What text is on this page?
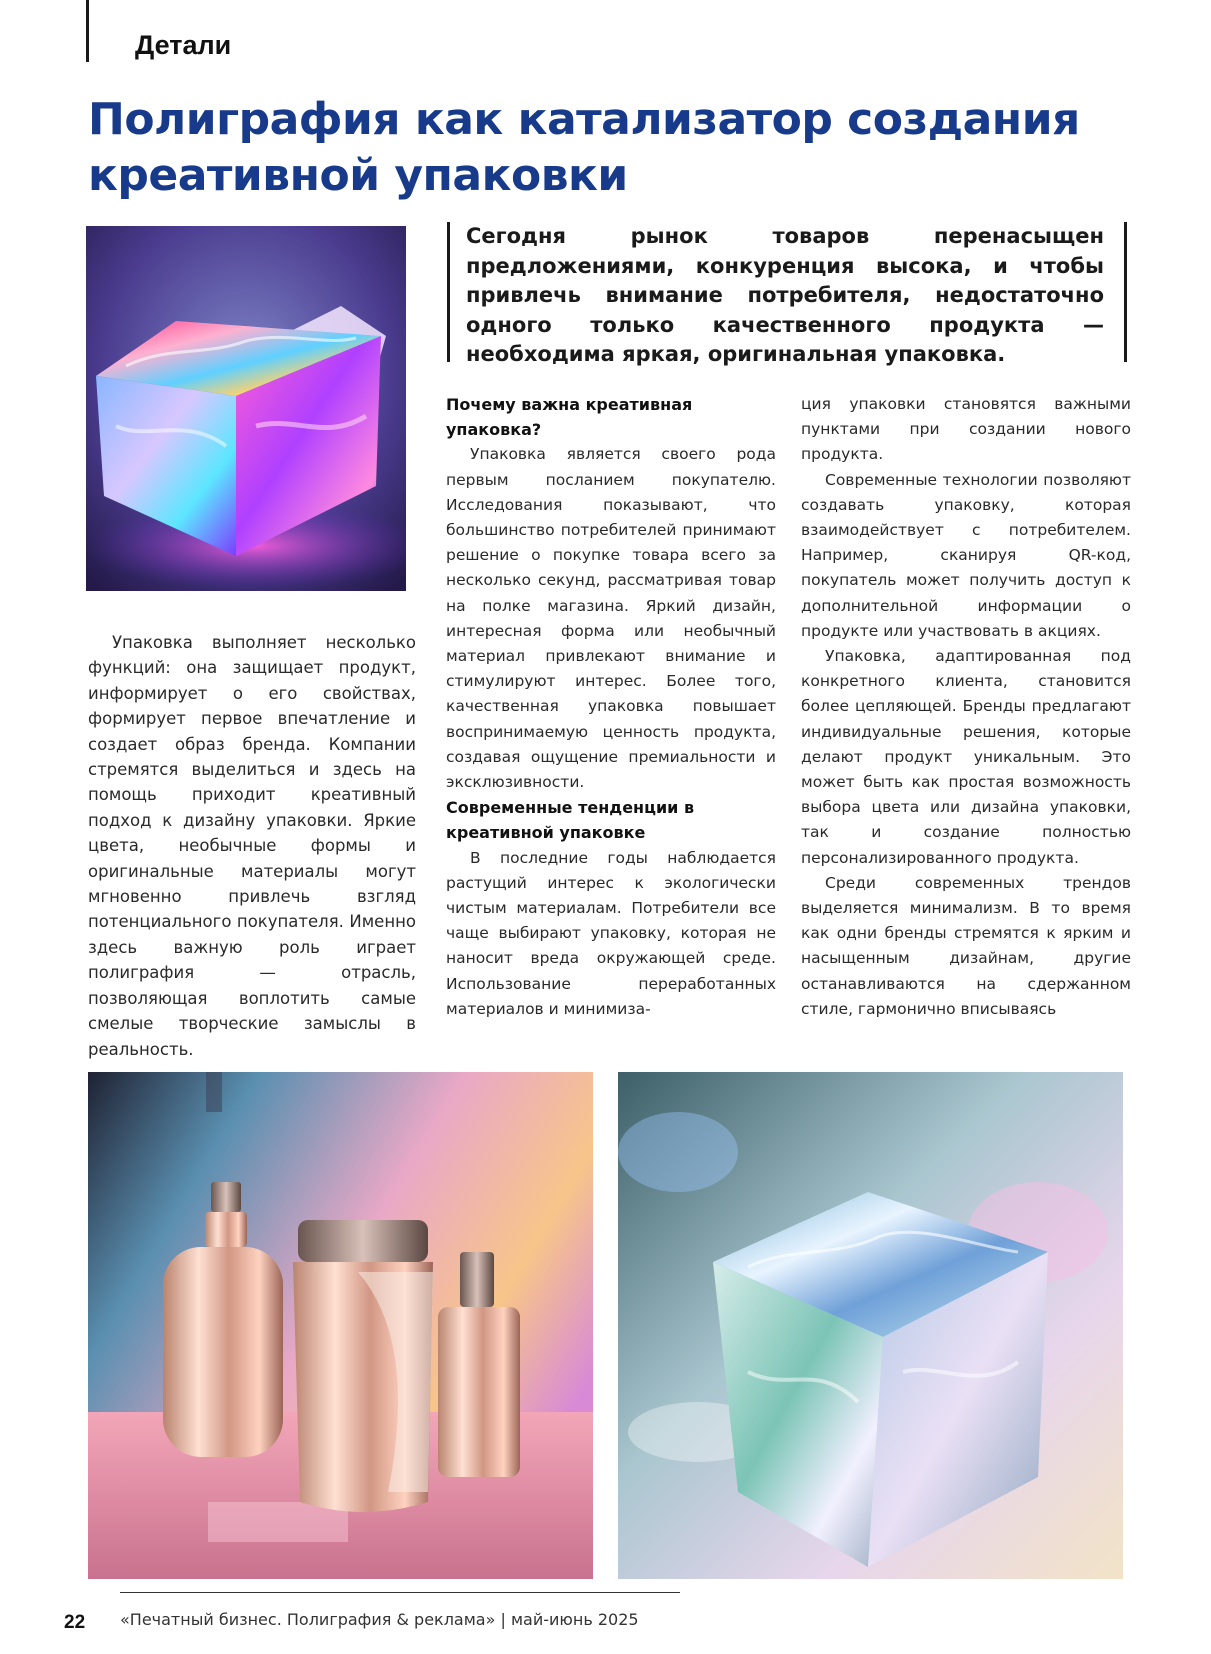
Детали
Полиграфия как катализатор создания креативной упаковки

Сегодня рынок товаров перенасыщен предложениями, конкуренция высока, и чтобы привлечь внимание потребителя, недостаточно одного только качественного продукта — необходима яркая, оригинальная упаковка.

Упаковка выполняет несколько функций: она защищает продукт, информирует о его свойствах, формирует первое впечатление и создает образ бренда. Компании стремятся выделиться и здесь на помощь приходит креативный подход к дизайну упаковки. Яркие цвета, необычные формы и оригинальные материалы могут мгновенно привлечь взгляд потенциального покупателя. Именно здесь важную роль играет полиграфия — отрасль, позволяющая воплотить самые смелые творческие замыслы в реальность.

Почему важна креативная упаковка?

Упаковка является своего рода первым посланием покупателю. Исследования показывают, что большинство потребителей принимают решение о покупке товара всего за несколько секунд, рассматривая товар на полке магазина. Яркий дизайн, интересная форма или необычный материал привлекают внимание и стимулируют интерес. Более того, качественная упаковка повышает воспринимаемую ценность продукта, создавая ощущение премиальности и эксклюзивности.

Современные тенденции в креативной упаковке

В последние годы наблюдается растущий интерес к экологически чистым материалам. Потребители все чаще выбирают упаковку, которая не наносит вреда окружающей среде. Использование переработанных материалов и минимиза-

ция упаковки становятся важными пунктами при создании нового продукта.

Современные технологии позволяют создавать упаковку, которая взаимодействует с потребителем. Например, сканируя QR-код, покупатель может получить доступ к дополнительной информации о продукте или участвовать в акциях.

Упаковка, адаптированная под конкретного клиента, становится более цепляющей. Бренды предлагают индивидуальные решения, которые делают продукт уникальным. Это может быть как простая возможность выбора цвета или дизайна упаковки, так и создание полностью персонализированного продукта.

Среди современных трендов выделяется минимализм. В то время как одни бренды стремятся к ярким и насыщенным дизайнам, другие останавливаются на сдержанном стиле, гармонично вписываясь

22 «Печатный бизнес. Полиграфия & реклама» | май-июнь 2025
